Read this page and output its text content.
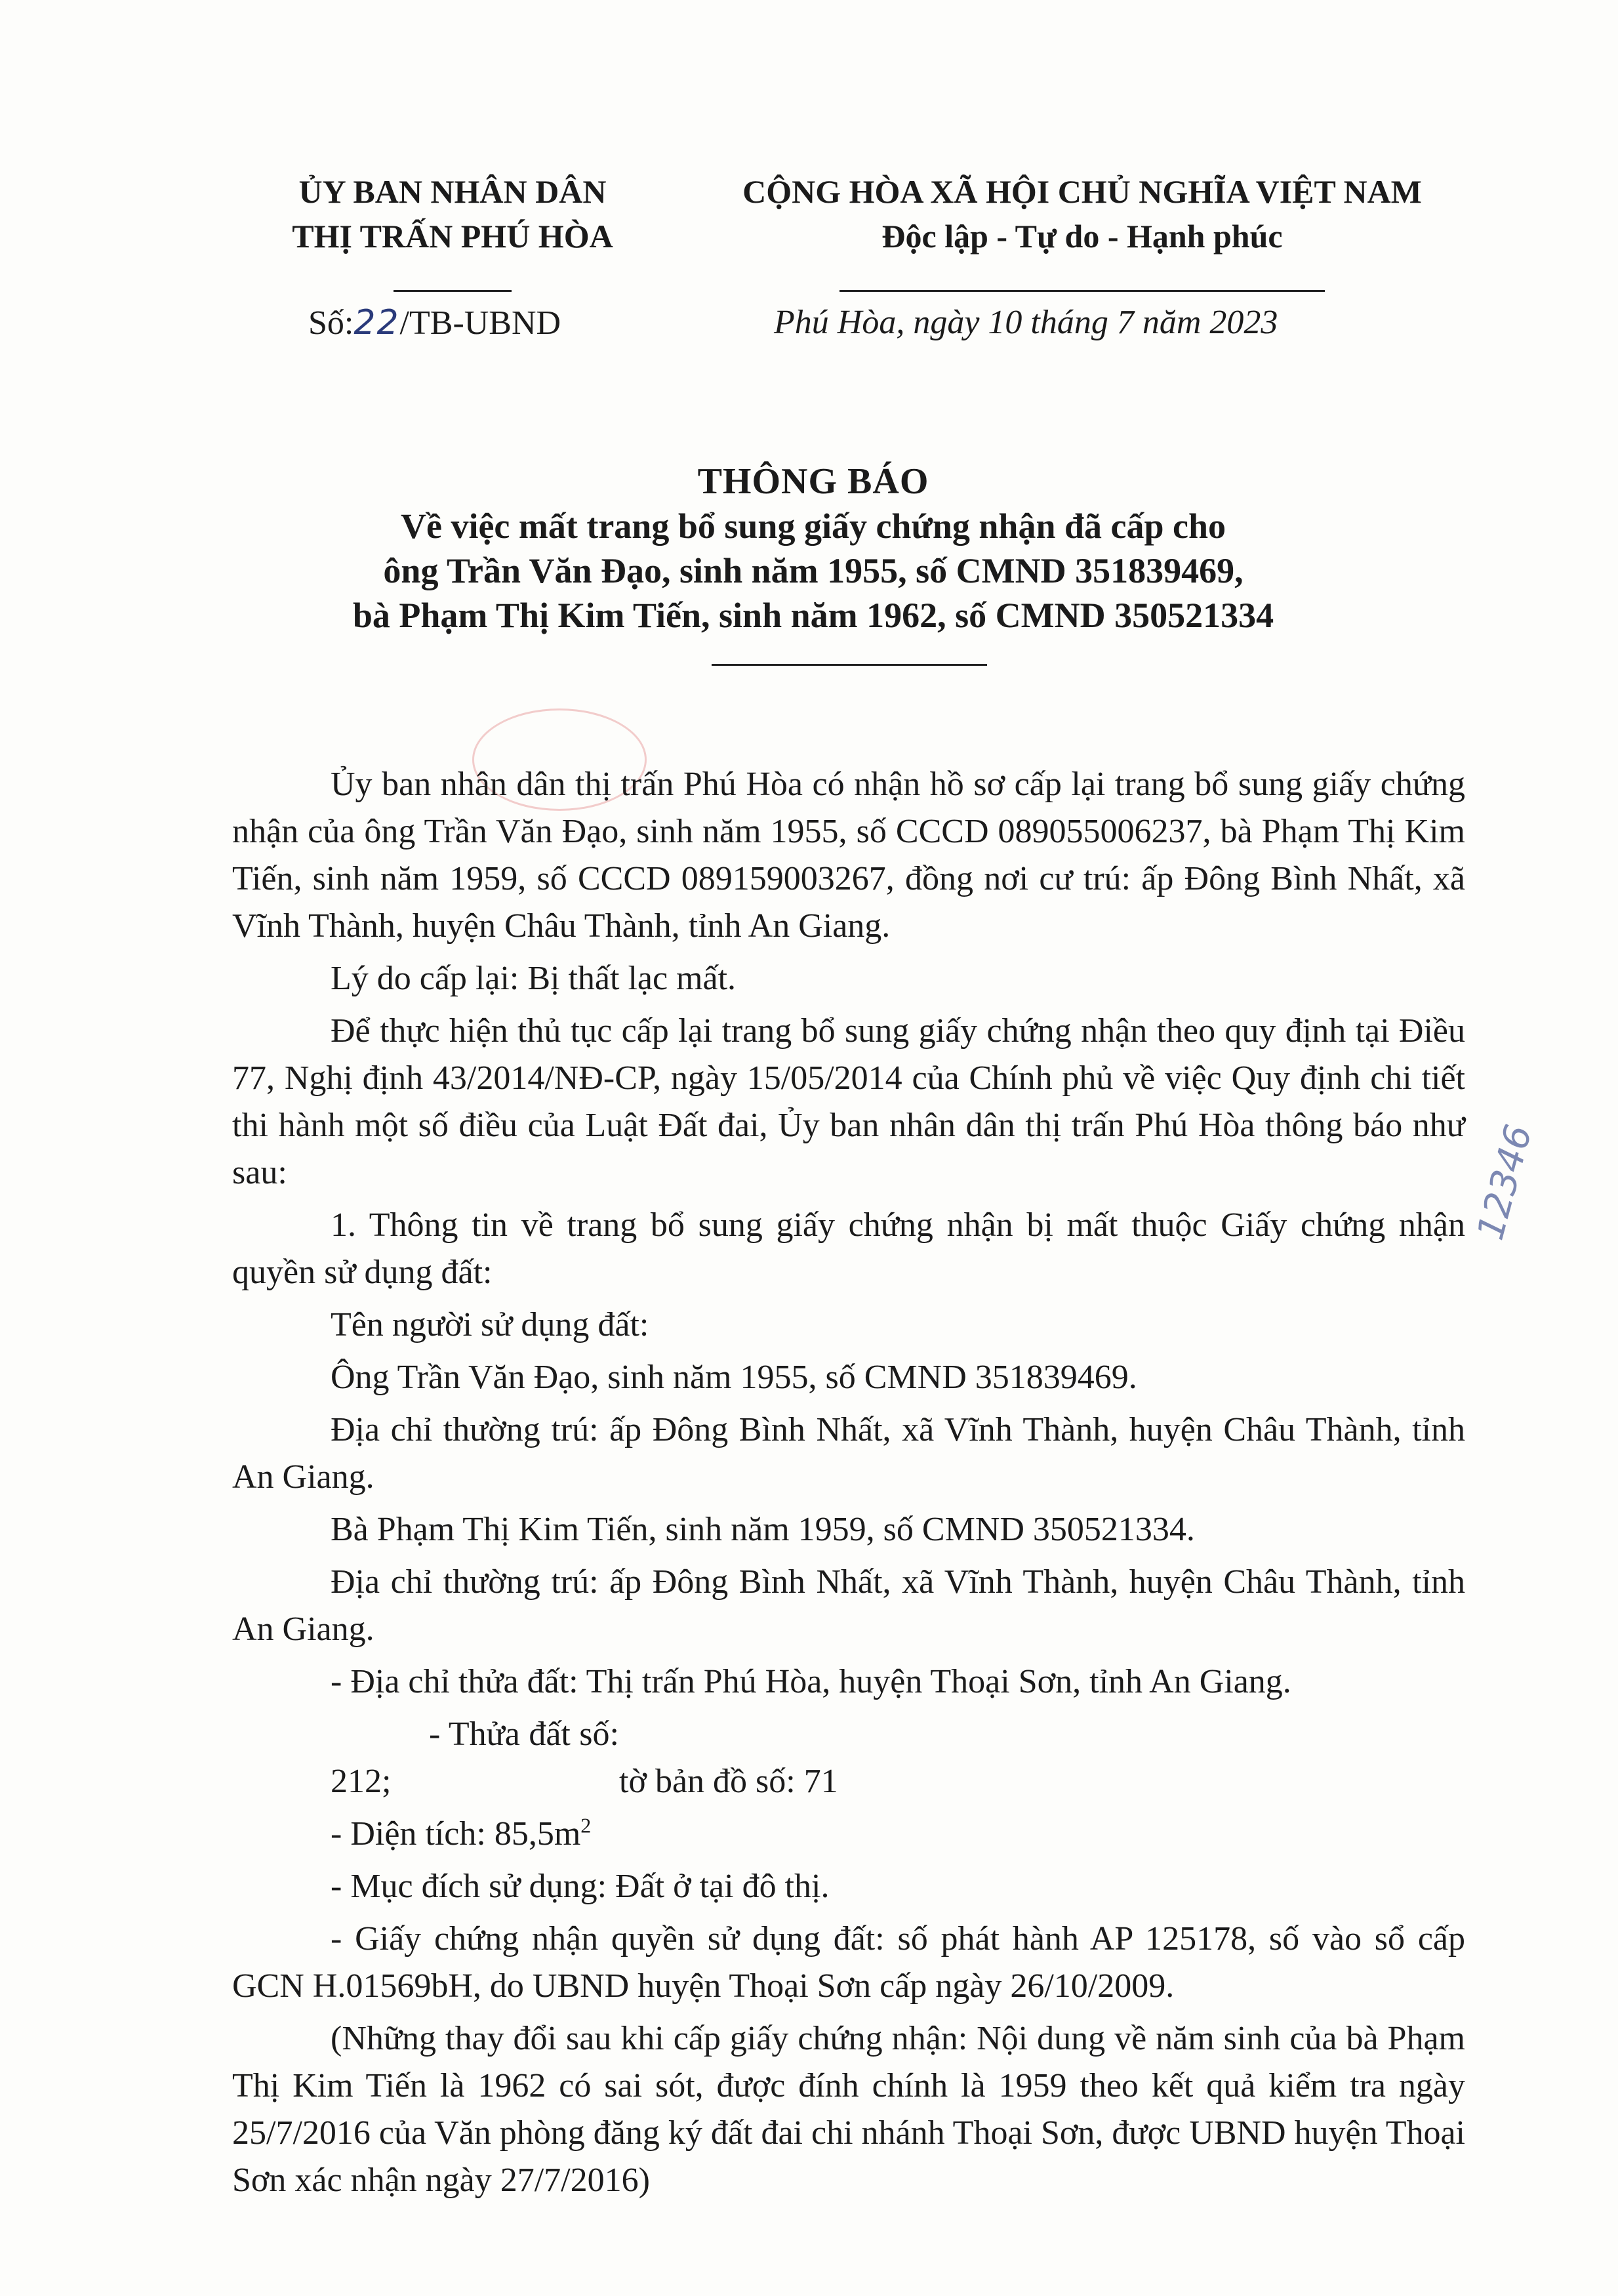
ỦY BAN NHÂN DÂN
THỊ TRẤN PHÚ HÒA
CỘNG HÒA XÃ HỘI CHỦ NGHĨA VIỆT NAM
Độc lập - Tự do - Hạnh phúc
Số:22/TB-UBND	Phú Hòa, ngày 10 tháng 7 năm 2023
THÔNG BÁO
Về việc mất trang bổ sung giấy chứng nhận đã cấp cho
ông Trần Văn Đạo, sinh năm 1955, số CMND 351839469,
bà Phạm Thị Kim Tiến, sinh năm 1962, số CMND 350521334

Ủy ban nhân dân thị trấn Phú Hòa có nhận hồ sơ cấp lại trang bổ sung giấy chứng nhận của ông Trần Văn Đạo, sinh năm 1955, số CCCD 089055006237, bà Phạm Thị Kim Tiến, sinh năm 1959, số CCCD 089159003267, đồng nơi cư trú: ấp Đông Bình Nhất, xã Vĩnh Thành, huyện Châu Thành, tỉnh An Giang.

Lý do cấp lại: Bị thất lạc mất.

Để thực hiện thủ tục cấp lại trang bổ sung giấy chứng nhận theo quy định tại Điều 77, Nghị định 43/2014/NĐ-CP, ngày 15/05/2014 của Chính phủ về việc Quy định chi tiết thi hành một số điều của Luật Đất đai, Ủy ban nhân dân thị trấn Phú Hòa thông báo như sau:

1. Thông tin về trang bổ sung giấy chứng nhận bị mất thuộc Giấy chứng nhận quyền sử dụng đất:

Tên người sử dụng đất:

Ông Trần Văn Đạo, sinh năm 1955, số CMND 351839469.

Địa chỉ thường trú: ấp Đông Bình Nhất, xã Vĩnh Thành, huyện Châu Thành, tỉnh An Giang.

Bà Phạm Thị Kim Tiến, sinh năm 1959, số CMND 350521334.

Địa chỉ thường trú: ấp Đông Bình Nhất, xã Vĩnh Thành, huyện Châu Thành, tỉnh An Giang.

- Địa chỉ thửa đất: Thị trấn Phú Hòa, huyện Thoại Sơn, tỉnh An Giang.

- Thửa đất số: 212;	tờ bản đồ số: 71

- Diện tích: $85,5m^2$

- Mục đích sử dụng: Đất ở tại đô thị.

- Giấy chứng nhận quyền sử dụng đất: số phát hành AP 125178, số vào sổ cấp GCN H.01569bH, do UBND huyện Thoại Sơn cấp ngày 26/10/2009.

(Những thay đổi sau khi cấp giấy chứng nhận: Nội dung về năm sinh của bà Phạm Thị Kim Tiến là 1962 có sai sót, được đính chính là 1959 theo kết quả kiểm tra ngày 25/7/2016 của Văn phòng đăng ký đất đai chi nhánh Thoại Sơn, được UBND huyện Thoại Sơn xác nhận ngày 27/7/2016)

12346
